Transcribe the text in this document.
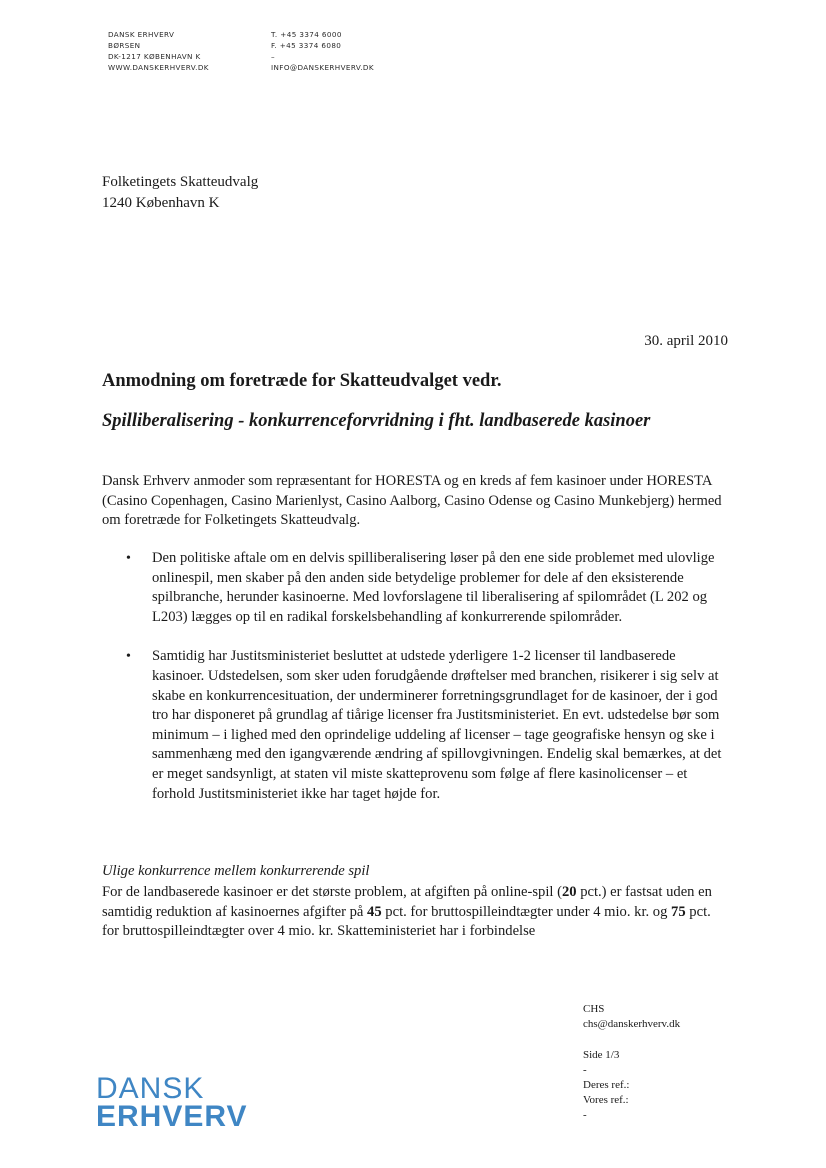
DANSK ERHVERV
BØRSEN
DK-1217 KØBENHAVN K
WWW.DANSKERHVERV.DK
T. +45 3374 6000
F. +45 3374 6080
–
INFO@DANSKERHVERV.DK
Folketingets Skatteudvalg
1240 København K
30. april 2010
Anmodning om foretræde for Skatteudvalget vedr.
Spilliberalisering - konkurrenceforvridning i fht. landbaserede kasinoer

Dansk Erhverv anmoder som repræsentant for HORESTA og en kreds af fem kasinoer under HORESTA (Casino Copenhagen, Casino Marienlyst, Casino Aalborg, Casino Odense og Casino Munkebjerg) hermed om foretræde for Folketingets Skatteudvalg.

• Den politiske aftale om en delvis spilliberalisering løser på den ene side problemet med ulovlige onlinespil, men skaber på den anden side betydelige problemer for dele af den eksisterende spilbranche, herunder kasinoerne. Med lovforslagene til liberalisering af spilområdet (L 202 og L203) lægges op til en radikal forskelsbehandling af konkurrerende spilområder.
• Samtidig har Justitsministeriet besluttet at udstede yderligere 1-2 licenser til landbaserede kasinoer. Udstedelsen, som sker uden forudgående drøftelser med branchen, risikerer i sig selv at skabe en konkurrencesituation, der underminerer forretningsgrundlaget for de kasinoer, der i god tro har disponeret på grundlag af tiårige licenser fra Justitsministeriet. En evt. udstedelse bør som minimum – i lighed med den oprindelige uddeling af licenser – tage geografiske hensyn og ske i sammenhæng med den igangværende ændring af spillovgivningen. Endelig skal bemærkes, at det er meget sandsynligt, at staten vil miste skatteprovenu som følge af flere kasinolicenser – et forhold Justitsministeriet ikke har taget højde for.

Ulige konkurrence mellem konkurrerende spil

For de landbaserede kasinoer er det største problem, at afgiften på online-spil (20 pct.) er fastsat uden en samtidig reduktion af kasinoernes afgifter på 45 pct. for bruttospilleindtægter under 4 mio. kr. og 75 pct. for bruttospilleindtægter over 4 mio. kr. Skatteministeriet har i forbindelse

CHS
chs@danskerhverv.dk
Side 1/3
-
Deres ref.:
Vores ref.:
-
DANSK
ERHVERV
